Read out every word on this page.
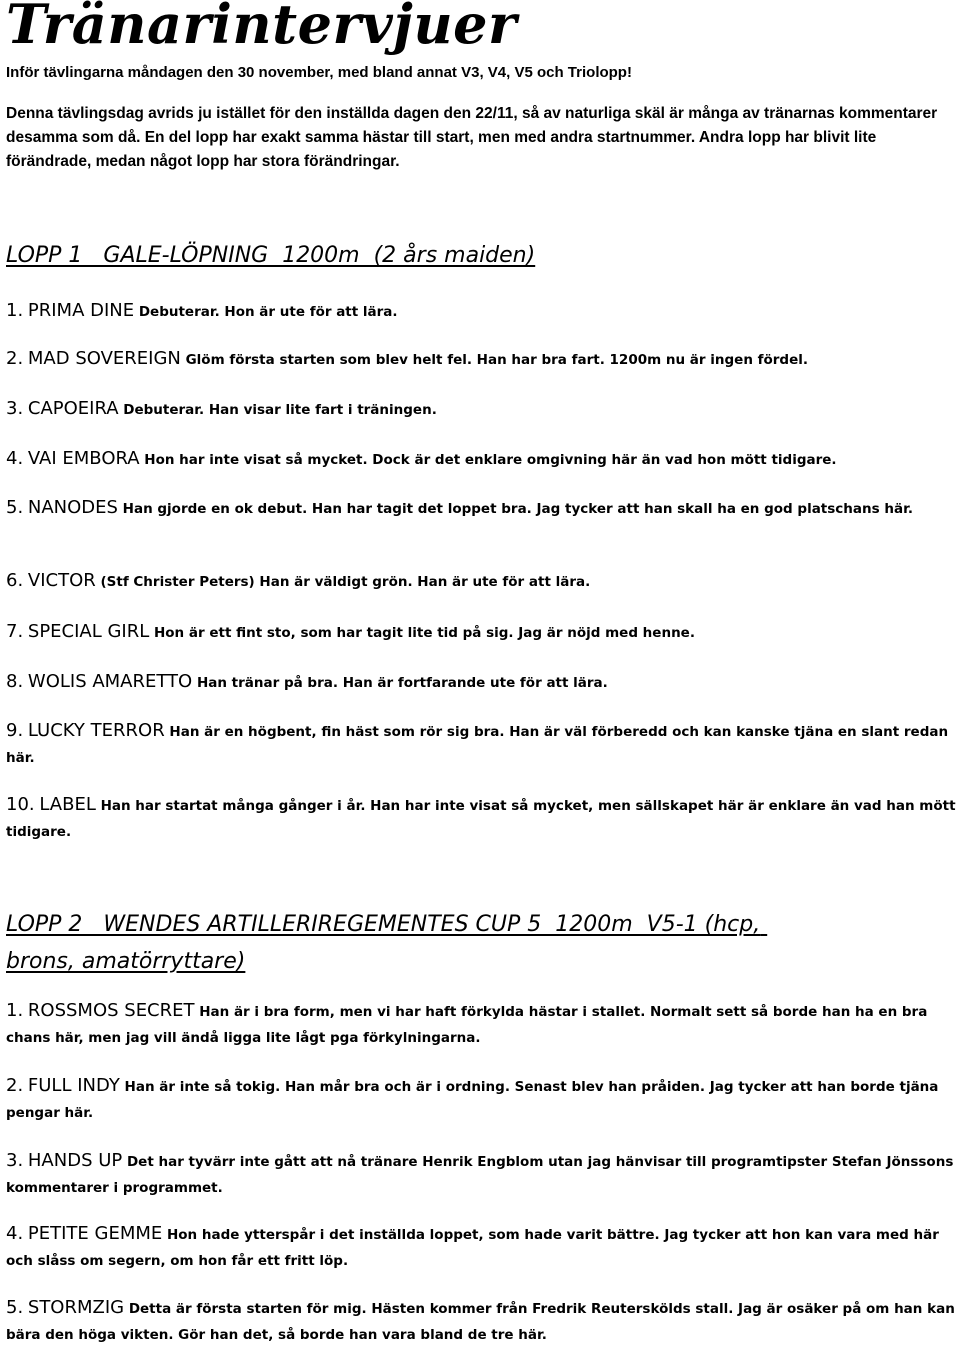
Tränarintervjuer
Inför tävlingarna måndagen den 30 november, med bland annat V3, V4, V5 och Triolopp!
Denna tävlingsdag avrids ju istället för den inställda dagen den 22/11, så av naturliga skäl är många av tränarnas kommentarer desamma som då. En del lopp har exakt samma hästar till start, men med andra startnummer. Andra lopp har blivit lite förändrade, medan något lopp har stora förändringar.
LOPP 1   GALE-LÖPNING  1200m  (2 års maiden)
1. PRIMA DINE Debuterar. Hon är ute för att lära.
2. MAD SOVEREIGN Glöm första starten som blev helt fel. Han har bra fart. 1200m nu är ingen fördel.
3. CAPOEIRA Debuterar. Han visar lite fart i träningen.
4. VAI EMBORA Hon har inte visat så mycket. Dock är det enklare omgivning här än vad hon mött tidigare.
5. NANODES Han gjorde en ok debut. Han har tagit det loppet bra. Jag tycker att han skall ha en god platschans här.
6. VICTOR (Stf Christer Peters) Han är väldigt grön. Han är ute för att lära.
7. SPECIAL GIRL Hon är ett fint sto, som har tagit lite tid på sig. Jag är nöjd med henne.
8. WOLIS AMARETTO Han tränar på bra. Han är fortfarande ute för att lära.
9. LUCKY TERROR Han är en högbent, fin häst som rör sig bra. Han är väl förberedd och kan kanske tjäna en slant redan här.
10. LABEL Han har startat många gånger i år. Han har inte visat så mycket, men sällskapet här är enklare än vad han mött tidigare.
LOPP 2   WENDES ARTILLERIREGEMENTES CUP 5  1200m  V5-1 (hcp, brons, amatörryttare)
1. ROSSMOS SECRET Han är i bra form, men vi har haft förkylda hästar i stallet. Normalt sett så borde han ha en bra chans här, men jag vill ändå ligga lite lågt pga förkylningarna.
2. FULL INDY Han är inte så tokig. Han mår bra och är i ordning. Senast blev han pråiden. Jag tycker att han borde tjäna pengar här.
3. HANDS UP Det har tyvärr inte gått att nå tränare Henrik Engblom utan jag hänvisar till programtipster Stefan Jönssons kommentarer i programmet.
4. PETITE GEMME Hon hade ytterspår i det inställda loppet, som hade varit bättre. Jag tycker att hon kan vara med här och slåss om segern, om hon får ett fritt löp.
5. STORMZIG Detta är första starten för mig. Hästen kommer från Fredrik Reuterskölds stall. Jag är osäker på om han kan bära den höga vikten. Gör han det, så borde han vara bland de tre här.
